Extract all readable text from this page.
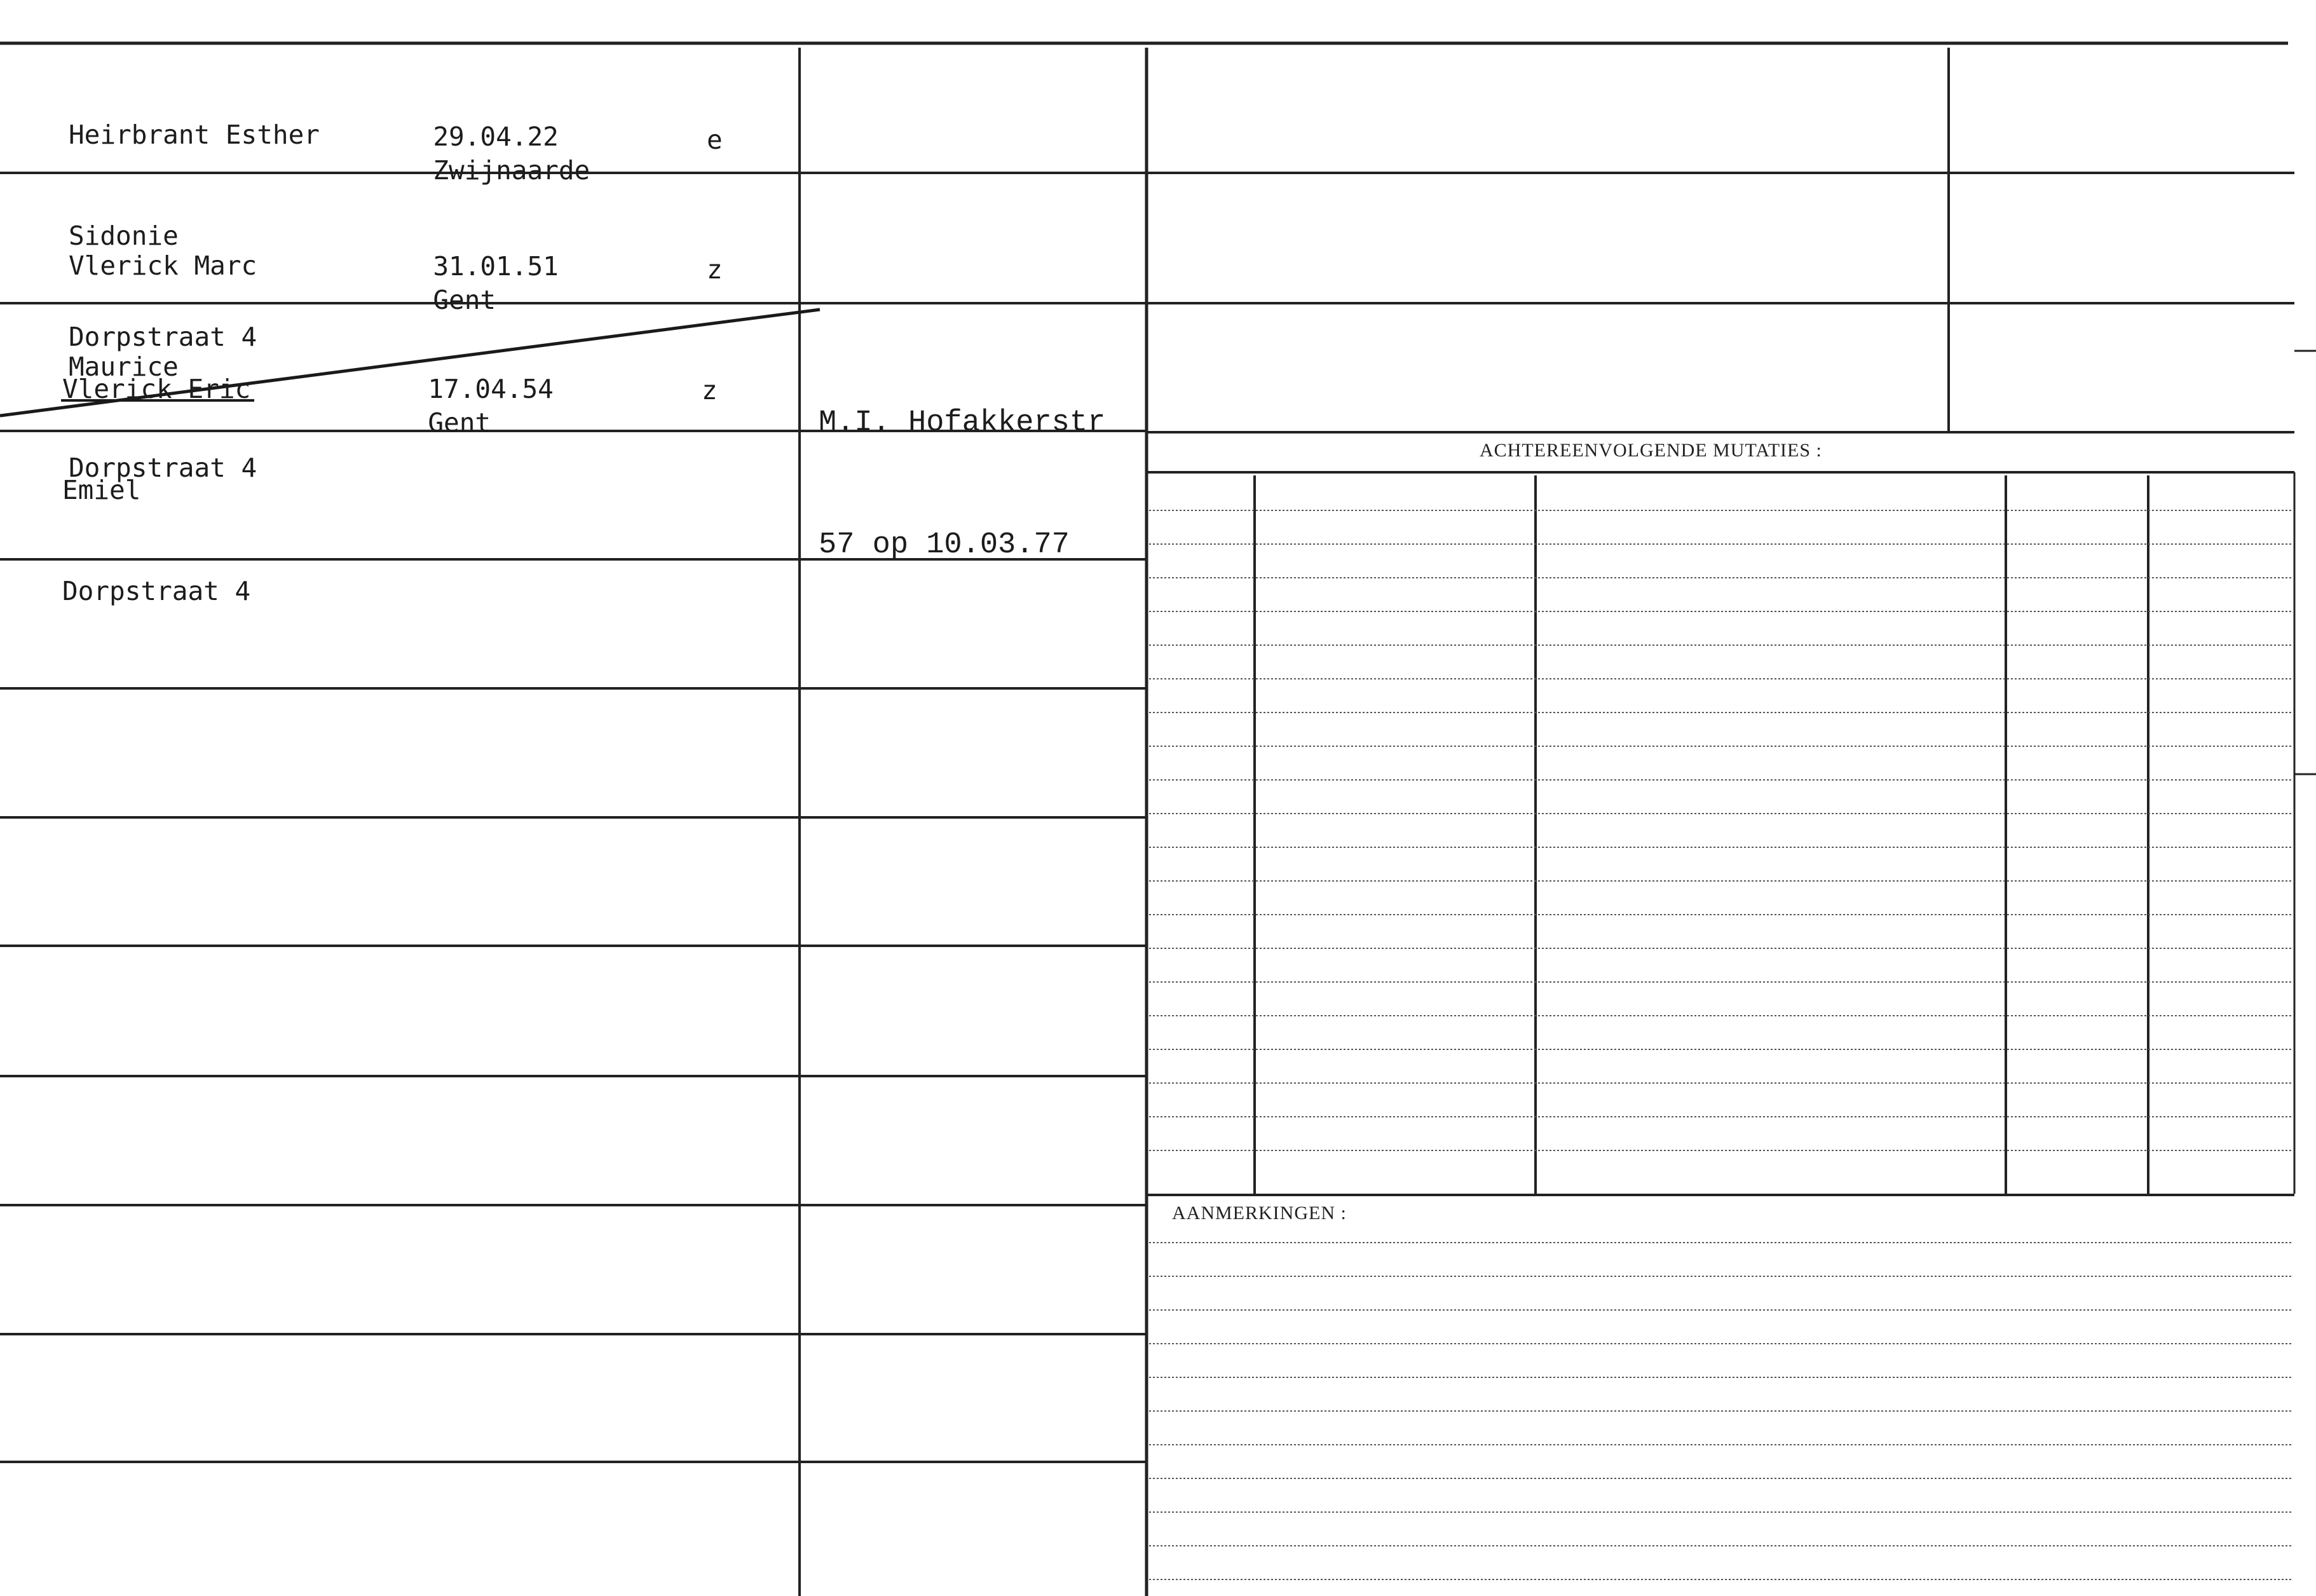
Heirbrant Esther

Sidonie

Dorpstraat 4

29.04.22
Zwijnaarde

e

Vlerick Marc

Maurice

Dorpstraat 4

31.01.51
Gent

z

Vlerick Eric

Emiel

Dorpstraat 4

17.04.54
Gent

z

M.I. Hofakkerstr

57 op 10.03.77

ACHTEREENVOLGENDE MUTATIES :
AANMERKINGEN :
